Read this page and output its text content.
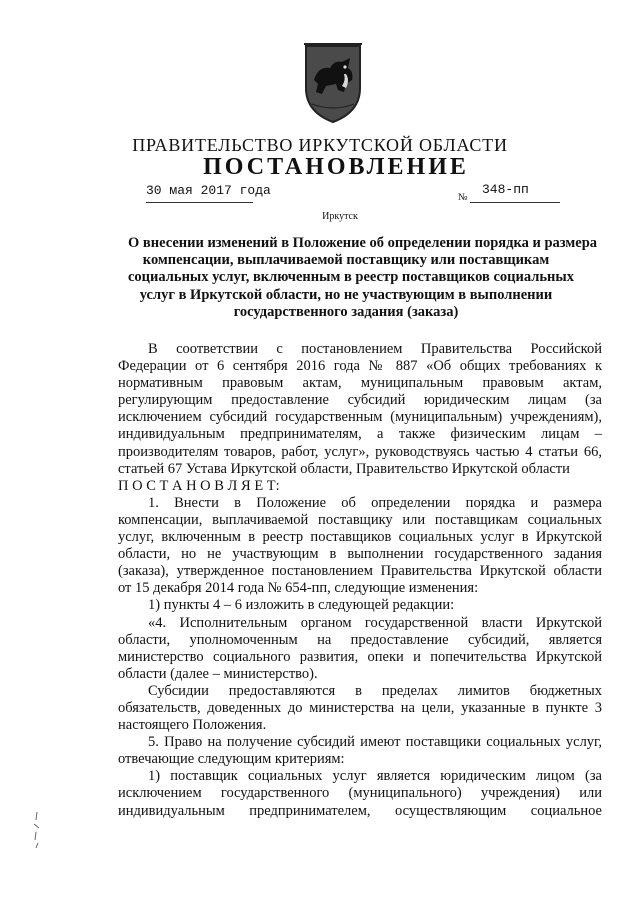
ПРАВИТЕЛЬСТВО ИРКУТСКОЙ ОБЛАСТИ
ПОСТАНОВЛЕНИЕ
30 мая 2017 года	№
348-пп
Иркутск
О внесении изменений в Положение об определении порядка и размера
компенсации, выплачиваемой поставщику или поставщикам
социальных услуг, включенным в реестр поставщиков социальных
услуг в Иркутской области, но не участвующим в выполнении
государственного задания (заказа)
В соответствии с постановлением Правительства Российской
Федерации от 6 сентября 2016 года № 887 «Об общих требованиях к
нормативным правовым актам, муниципальным правовым актам,
регулирующим предоставление субсидий юридическим лицам (за
исключением субсидий государственным (муниципальным) учреждениям),
индивидуальным предпринимателям, а также физическим лицам –
производителям товаров, работ, услуг», руководствуясь частью 4 статьи 66,
статьей 67 Устава Иркутской области, Правительство Иркутской области
П О С Т А Н О В Л Я Е Т:
1. Внести в Положение об определении порядка и размера
компенсации, выплачиваемой поставщику или поставщикам социальных
услуг, включенным в реестр поставщиков социальных услуг в Иркутской
области, но не участвующим в выполнении государственного задания
(заказа), утвержденное постановлением Правительства Иркутской области
от 15 декабря 2014 года № 654-пп, следующие изменения:
1) пункты 4 – 6 изложить в следующей редакции:
«4. Исполнительным органом государственной власти Иркутской
области, уполномоченным на предоставление субсидий, является
министерство социального развития, опеки и попечительства Иркутской
области (далее – министерство).
Субсидии предоставляются в пределах лимитов бюджетных
обязательств, доведенных до министерства на цели, указанные в пункте 3
настоящего Положения.
5. Право на получение субсидий имеют поставщики социальных услуг,
отвечающие следующим критериям:
1) поставщик социальных услуг является юридическим лицом (за
исключением государственного (муниципального) учреждения) или
индивидуальным предпринимателем, осуществляющим социальное
